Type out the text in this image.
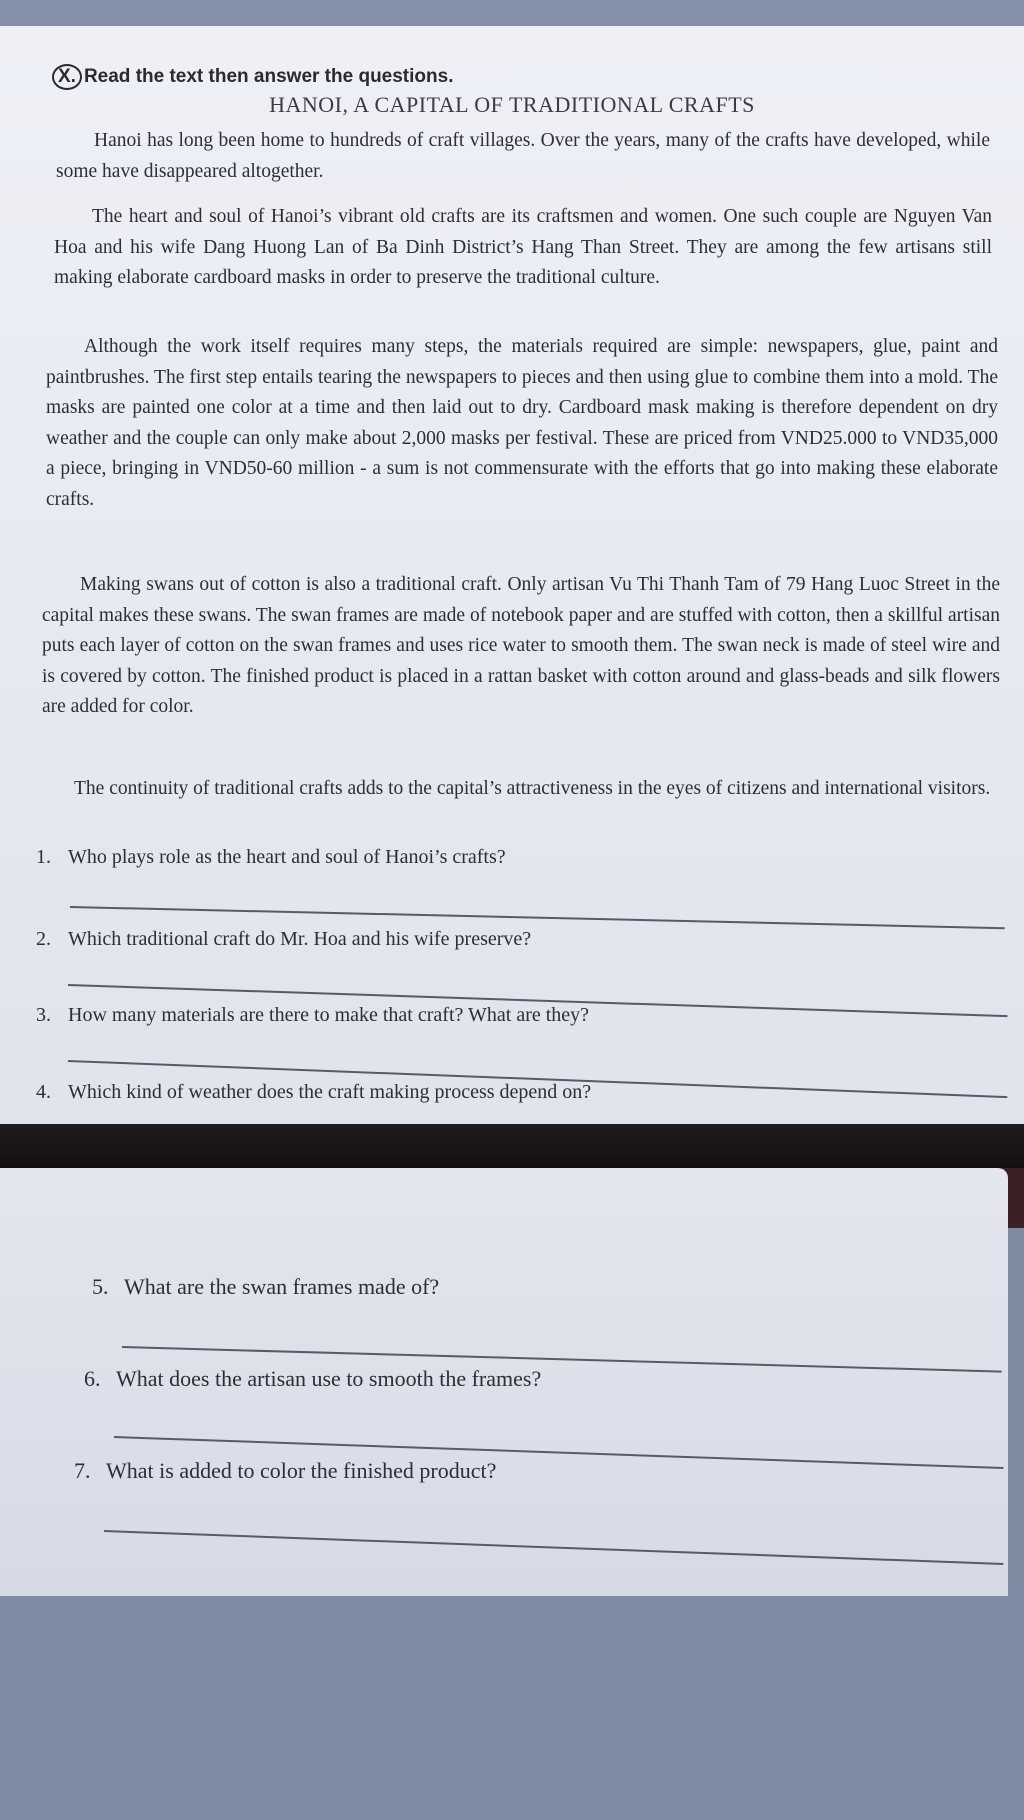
X. Read the text then answer the questions.

HANOI, A CAPITAL OF TRADITIONAL CRAFTS

Hanoi has long been home to hundreds of craft villages. Over the years, many of the crafts have developed, while some have disappeared altogether.

The heart and soul of Hanoi’s vibrant old crafts are its craftsmen and women. One such couple are Nguyen Van Hoa and his wife Dang Huong Lan of Ba Dinh District’s Hang Than Street. They are among the few artisans still making elaborate cardboard masks in order to preserve the traditional culture.

Although the work itself requires many steps, the materials required are simple: newspapers, glue, paint and paintbrushes. The first step entails tearing the newspapers to pieces and then using glue to combine them into a mold. The masks are painted one color at a time and then laid out to dry. Cardboard mask making is therefore dependent on dry weather and the couple can only make about 2,000 masks per festival. These are priced from VND25.000 to VND35,000 a piece, bringing in VND50-60 million - a sum is not commensurate with the efforts that go into making these elaborate crafts.

Making swans out of cotton is also a traditional craft. Only artisan Vu Thi Thanh Tam of 79 Hang Luoc Street in the capital makes these swans. The swan frames are made of notebook paper and are stuffed with cotton, then a skillful artisan puts each layer of cotton on the swan frames and uses rice water to smooth them. The swan neck is made of steel wire and is covered by cotton. The finished product is placed in a rattan basket with cotton around and glass-beads and silk flowers are added for color.

The continuity of traditional crafts adds to the capital’s attractiveness in the eyes of citizens and international visitors.

1. Who plays role as the heart and soul of Hanoi’s crafts?

2. Which traditional craft do Mr. Hoa and his wife preserve?

3. How many materials are there to make that craft? What are they?

4. Which kind of weather does the craft making process depend on?

5. What are the swan frames made of?

6. What does the artisan use to smooth the frames?

7. What is added to color the finished product?
